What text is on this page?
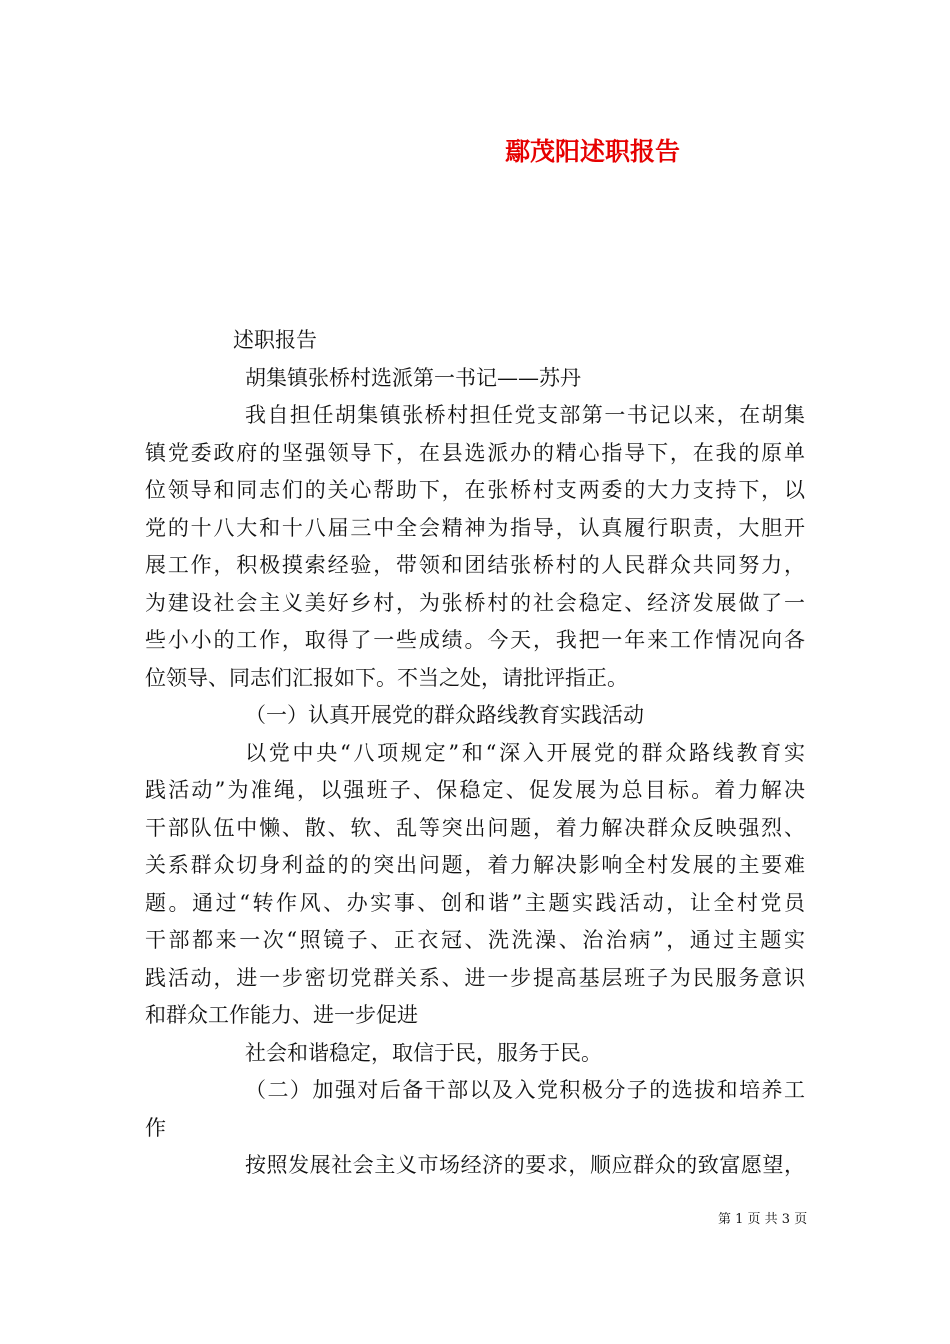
鄢茂阳述职报告
述职报告
胡集镇张桥村选派第一书记——苏丹
我自担任胡集镇张桥村担任党支部第一书记以来，在胡集
镇党委政府的坚强领导下，在县选派办的精心指导下，在我的原单
位领导和同志们的关心帮助下，在张桥村支两委的大力支持下，以
党的十八大和十八届三中全会精神为指导，认真履行职责，大胆开
展工作，积极摸索经验，带领和团结张桥村的人民群众共同努力，
为建设社会主义美好乡村，为张桥村的社会稳定、经济发展做了一
些小小的工作，取得了一些成绩。今天，我把一年来工作情况向各
位领导、同志们汇报如下。不当之处，请批评指正。
（一）认真开展党的群众路线教育实践活动
以党中央“八项规定”和“深入开展党的群众路线教育实
践活动”为准绳，以强班子、保稳定、促发展为总目标。着力解决
干部队伍中懒、散、软、乱等突出问题，着力解决群众反映强烈、
关系群众切身利益的的突出问题，着力解决影响全村发展的主要难
题。通过“转作风、办实事、创和谐”主题实践活动，让全村党员
干部都来一次“照镜子、正衣冠、洗洗澡、治治病”，通过主题实
践活动，进一步密切党群关系、进一步提高基层班子为民服务意识
和群众工作能力、进一步促进
社会和谐稳定，取信于民，服务于民。
（二）加强对后备干部以及入党积极分子的选拔和培养工
作
按照发展社会主义市场经济的要求，顺应群众的致富愿望，
第 1 页 共 3 页
